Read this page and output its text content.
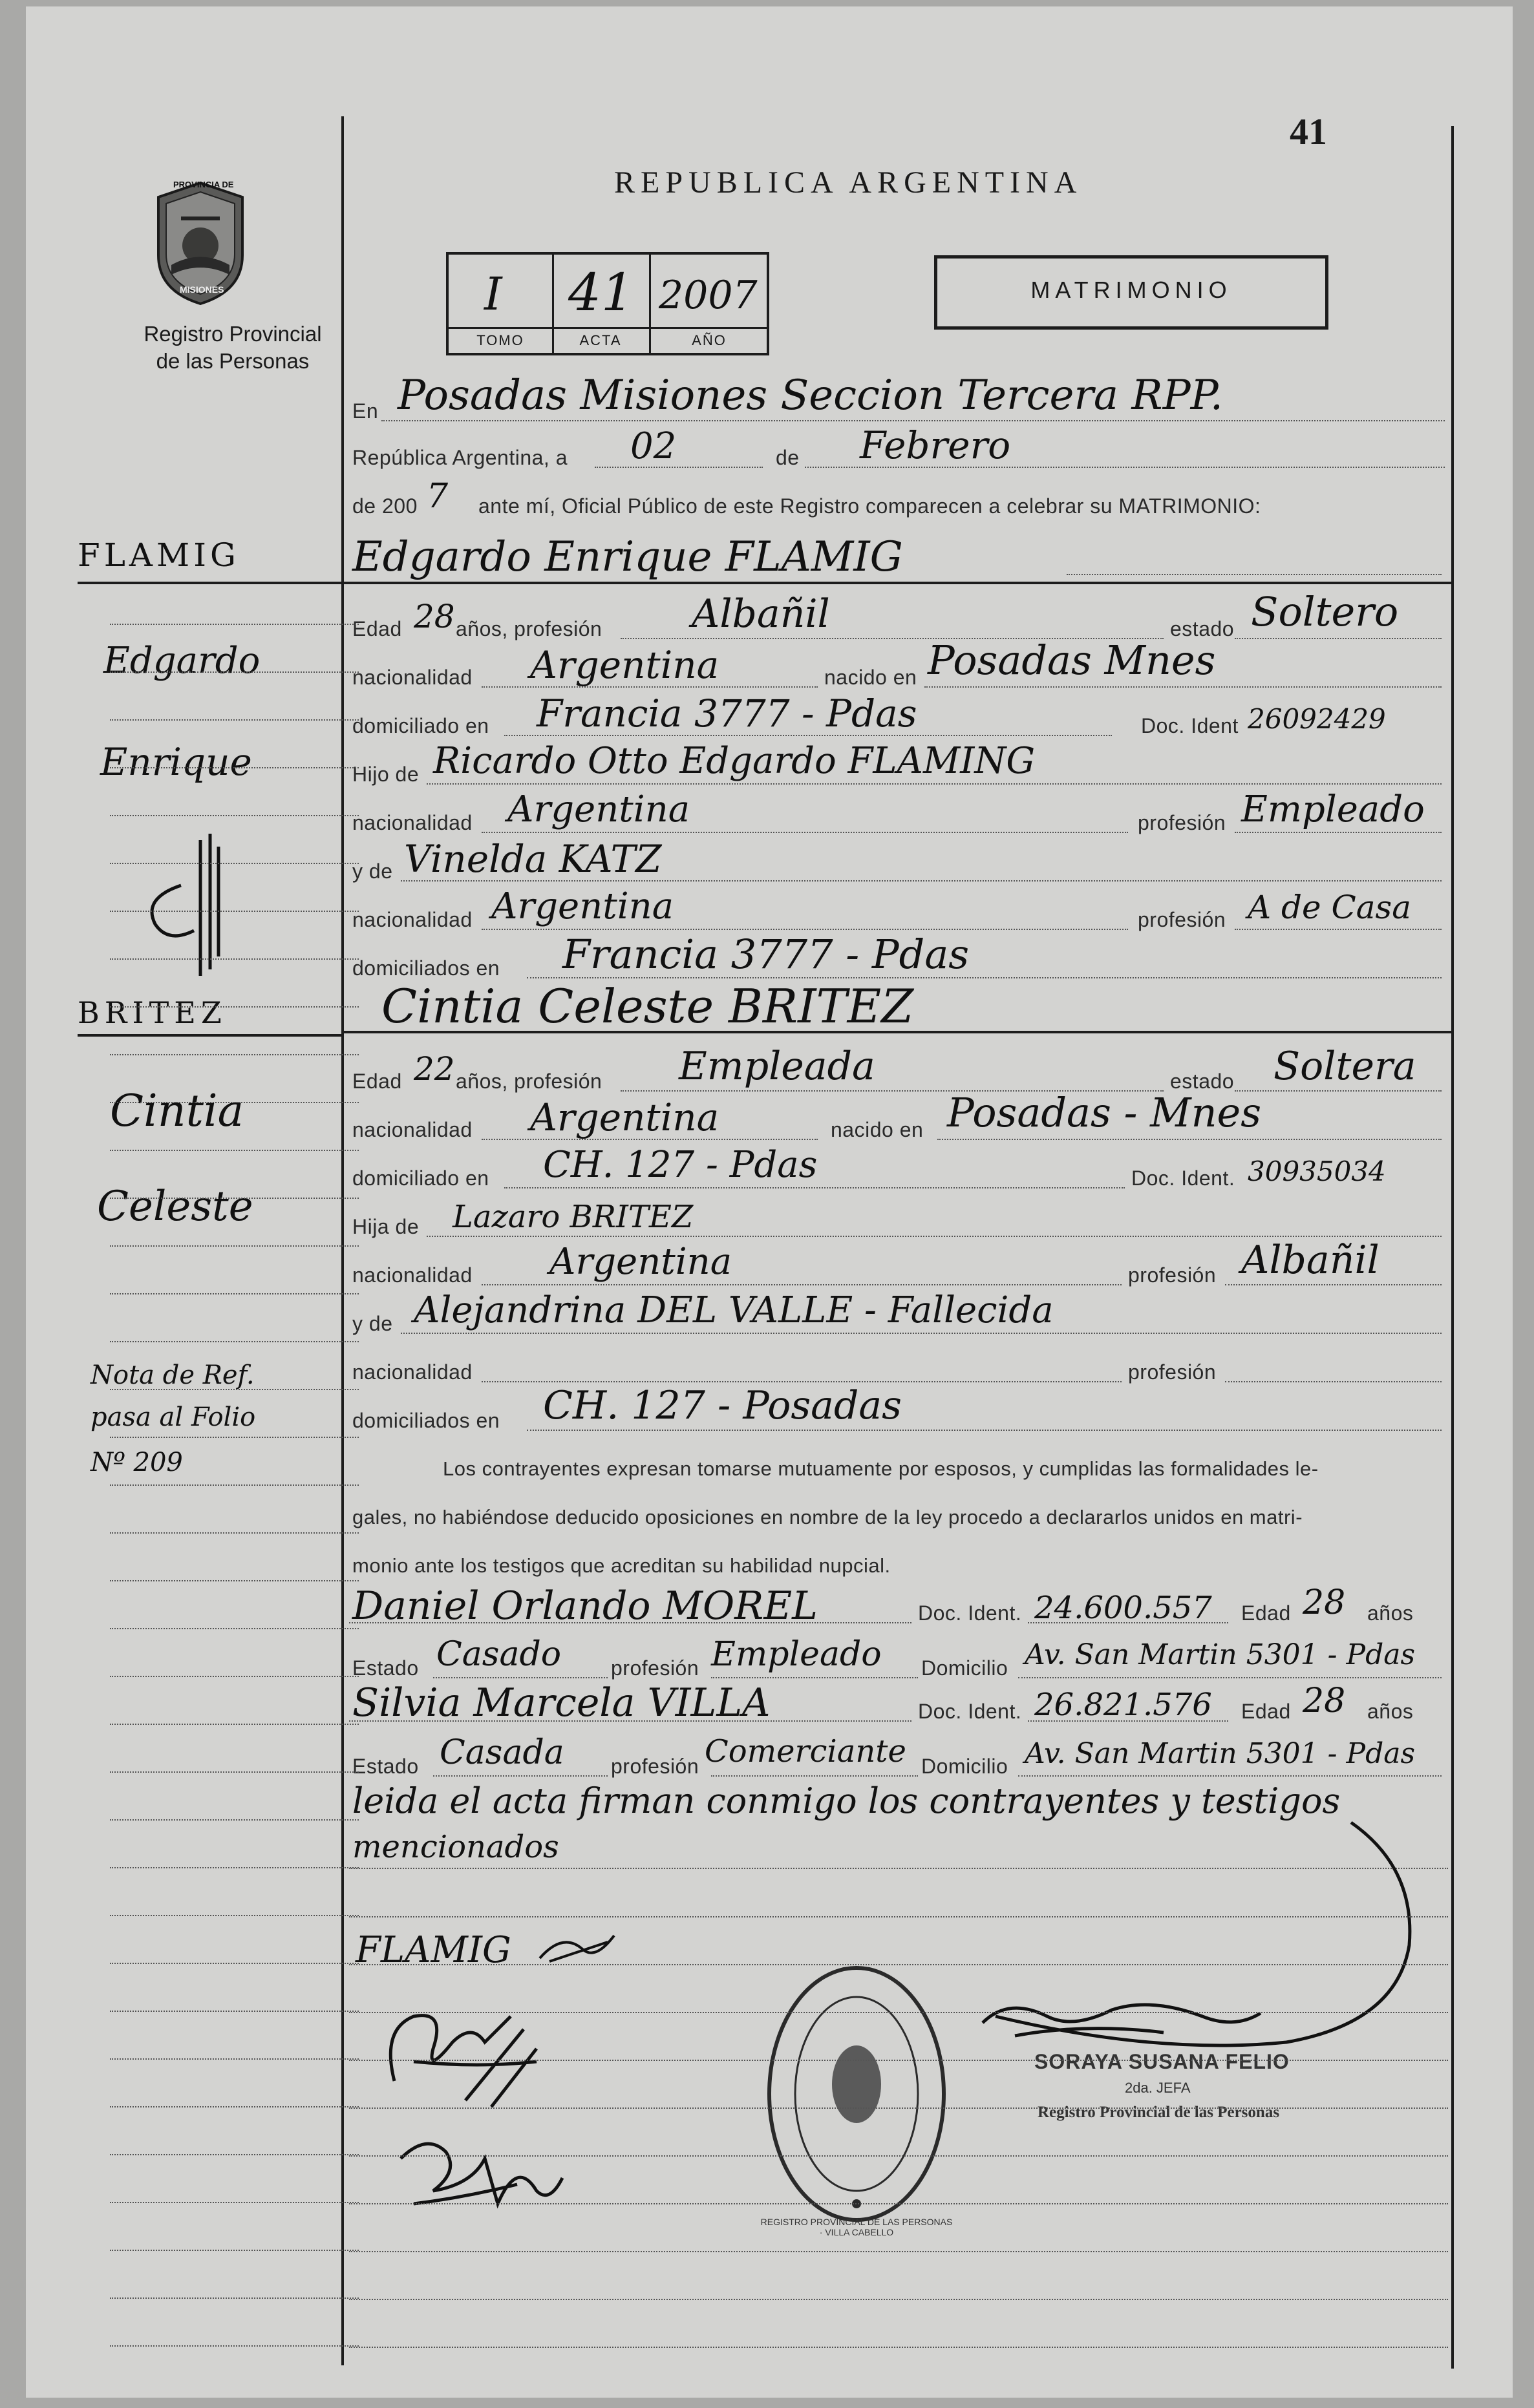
41
REPUBLICA ARGENTINA
PROVINCIA DE
MISIONES
Registro Provincial
de las Personas
I 41 2007
TOMO	ACTA	AÑO
MATRIMONIO
En Posadas Misiones Seccion Tercera RPP.
República Argentina, a 02	de Febrero
de 200 7 ante mí, Oficial Público de este Registro comparecen a celebrar su MATRIMONIO:
Edgardo Enrique FLAMIG
Edad 28 años, profesión Albañil	estado Soltero
nacionalidad Argentina	nacido en Posadas Mnes
domiciliado en Francia 3777 - Pdas	Doc. Ident 26092429
Hijo de Ricardo Otto Edgardo FLAMING
nacionalidad Argentina	profesión Empleado
y de Vinelda KATZ
nacionalidad Argentina	profesión A de Casa
domiciliados en Francia 3777 - Pdas
Cintia Celeste BRITEZ
Edad 22 años, profesión Empleada	estado Soltera
nacionalidad Argentina	nacido en Posadas - Mnes
domiciliado en CH. 127 - Pdas	Doc. Ident. 30935034
Hija de Lazaro BRITEZ
nacionalidad Argentina	profesión Albañil
y de Alejandrina DEL VALLE - Fallecida
nacionalidad	profesión
domiciliados en CH. 127 - Posadas
Los contrayentes expresan tomarse mutuamente por esposos, y cumplidas las formalidades le-
gales, no habiéndose deducido oposiciones en nombre de la ley procedo a declararlos unidos en matri-
monio ante los testigos que acreditan su habilidad nupcial.
Daniel Orlando MOREL	Doc. Ident. 24.600.557 Edad 28 años
Estado Casado profesión Empleado Domicilio Av. San Martin 5301 - Pdas
Silvia Marcela VILLA	Doc. Ident. 26.821.576 Edad 28 años
Estado Casada profesión Comerciante Domicilio Av. San Martin 5301 - Pdas
leida el acta firman conmigo los contrayentes y testigos
mencionados
FLAMIG
REGISTRO PROVINCIAL DE LAS PERSONAS · VILLA CABELLO
SORAYA SUSANA FELIO
2da. JEFA
Registro Provincial de las Personas
FLAMIG
Edgardo
Enrique
BRITEZ
Cintia
Celeste
Nota de Ref.
pasa al Folio
Nº 209
